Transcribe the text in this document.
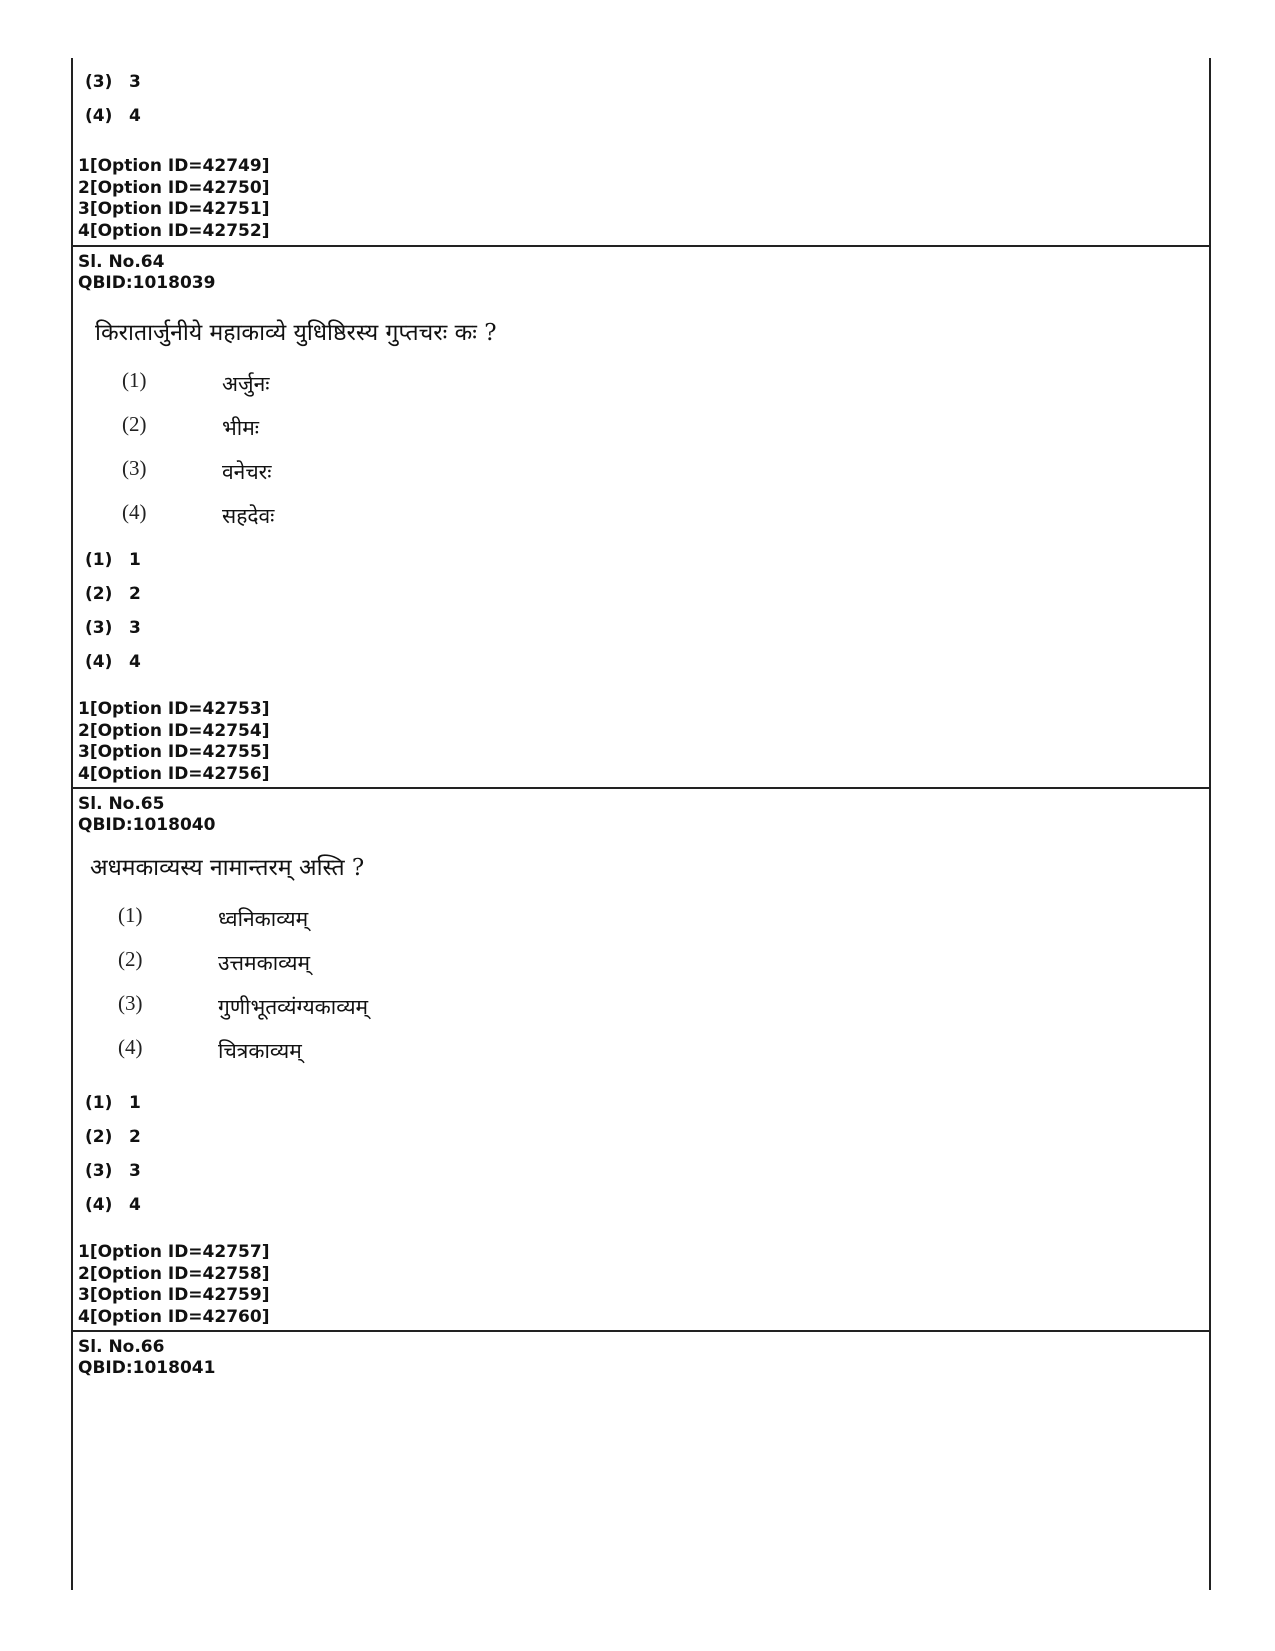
(3) 3
(4) 4
1[Option ID=42749]
2[Option ID=42750]
3[Option ID=42751]
4[Option ID=42752]
Sl. No.64
QBID:1018039
किरातार्जुनीये महाकाव्ये युधिष्ठिरस्य गुप्तचरः कः ?
(1)	अर्जुनः
(2)	भीमः
(3)	वनेचरः
(4)	सहदेवः
(1) 1
(2) 2
(3) 3
(4) 4
1[Option ID=42753]
2[Option ID=42754]
3[Option ID=42755]
4[Option ID=42756]
Sl. No.65
QBID:1018040
अधमकाव्यस्य नामान्तरम् अस्ति ?
(1)	ध्वनिकाव्यम्
(2)	उत्तमकाव्यम्
(3)	गुणीभूतव्यंग्यकाव्यम्
(4)	चित्रकाव्यम्
(1) 1
(2) 2
(3) 3
(4) 4
1[Option ID=42757]
2[Option ID=42758]
3[Option ID=42759]
4[Option ID=42760]
Sl. No.66
QBID:1018041
